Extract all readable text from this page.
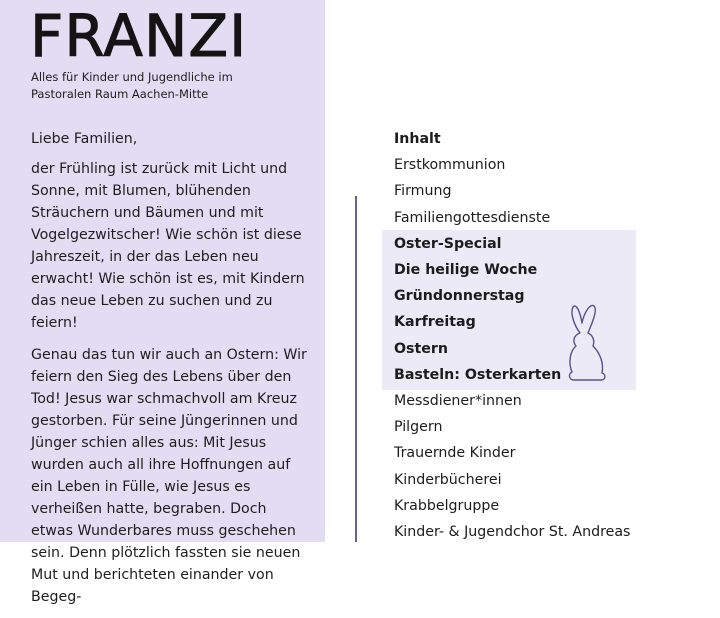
FRANZI
Alles für Kinder und Jugendliche im Pastoralen Raum Aachen-Mitte

Liebe Familien,

der Frühling ist zurück mit Licht und Sonne, mit Blumen, blühenden Sträuchern und Bäumen und mit Vogelgezwitscher! Wie schön ist diese Jahreszeit, in der das Leben neu erwacht! Wie schön ist es, mit Kindern das neue Leben zu suchen und zu feiern!

Genau das tun wir auch an Ostern: Wir feiern den Sieg des Lebens über den Tod! Jesus war schmachvoll am Kreuz gestorben. Für seine Jüngerinnen und Jünger schien alles aus: Mit Jesus wurden auch all ihre Hoffnungen auf ein Leben in Fülle, wie Jesus es verheißen hatte, begraben. Doch etwas Wunderbares muss geschehen sein. Denn plötzlich fassten sie neuen Mut und berichteten einander von Begeg-

Inhalt
Erstkommunion
Firmung
Familiengottesdienste
Oster-Special
Die heilige Woche
Gründonnerstag
Karfreitag
Ostern
Basteln: Osterkarten
Messdiener*innen
Pilgern
Trauernde Kinder
Kinderbücherei
Krabbelgruppe
Kinder- & Jugendchor St. Andreas
